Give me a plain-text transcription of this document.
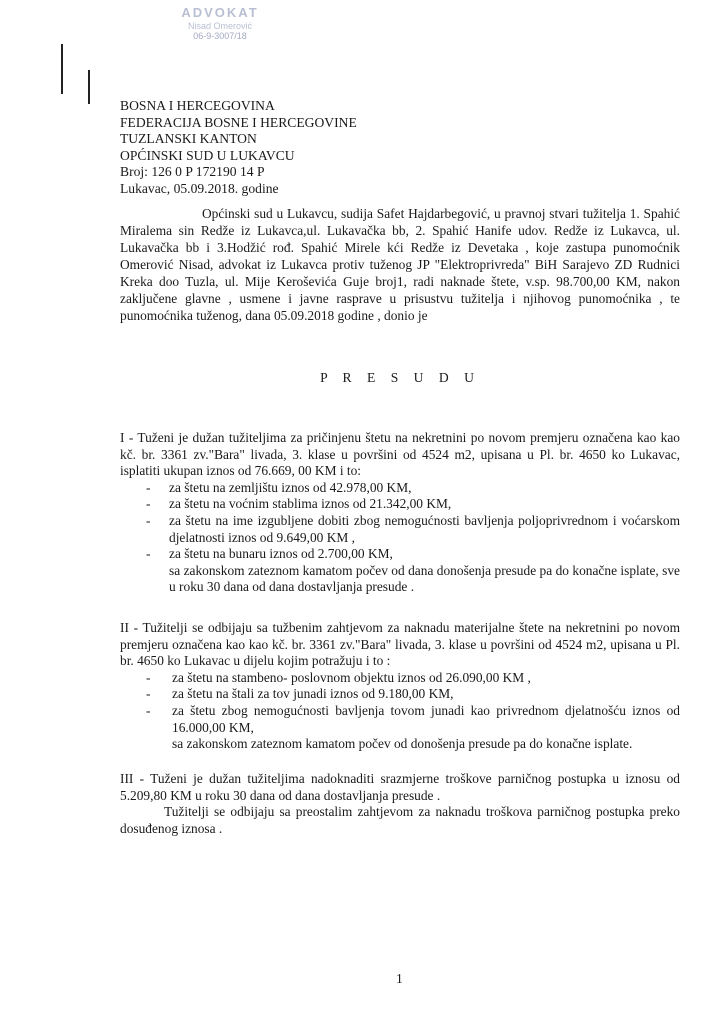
ADVOKAT
Nisad Omerović
06-9-3007/18
BOSNA I HERCEGOVINA
FEDERACIJA BOSNE I HERCEGOVINE
TUZLANSKI KANTON
OPĆINSKI SUD U LUKAVCU
Broj: 126 0 P 172190 14 P
Lukavac, 05.09.2018. godine
Općinski sud u Lukavcu, sudija Safet Hajdarbegović, u pravnoj stvari tužitelja 1. Spahić Miralema sin Redže iz Lukavca,ul. Lukavačka bb, 2. Spahić Hanife udov. Redže iz Lukavca, ul. Lukavačka bb i 3.Hodžić rođ. Spahić Mirele kći Redže iz Devetaka , koje zastupa punomoćnik Omerović Nisad, advokat iz Lukavca protiv tuženog JP "Elektroprivreda" BiH Sarajevo ZD Rudnici Kreka doo Tuzla, ul. Mije Keroševića Guje broj1, radi naknade štete, v.sp. 98.700,00 KM, nakon zaključene glavne , usmene i javne rasprave u prisustvu tužitelja i njihovog punomoćnika , te punomoćnika tuženog, dana 05.09.2018 godine , donio je
P R E S U D U
I - Tuženi je dužan tužiteljima za pričinjenu štetu na nekretnini po novom premjeru označena kao kao kč. br. 3361 zv."Bara" livada, 3. klase u površini od 4524 m2, upisana u Pl. br. 4650 ko Lukavac, isplatiti ukupan iznos od 76.669, 00 KM i to:
- za štetu na zemljištu iznos od 42.978,00 KM,
- za štetu na voćnim stablima iznos od 21.342,00 KM,
- za štetu na ime izgubljene dobiti zbog nemogućnosti bavljenja poljoprivrednom i voćarskom djelatnosti iznos od 9.649,00 KM ,
- za štetu na bunaru iznos od 2.700,00 KM,
sa zakonskom zateznom kamatom počev od dana donošenja presude pa do konačne isplate, sve u roku 30 dana od dana dostavljanja presude .
II - Tužitelji se odbijaju sa tužbenim zahtjevom za naknadu materijalne štete na nekretnini po novom premjeru označena kao kao kč. br. 3361 zv."Bara" livada, 3. klase u površini od 4524 m2, upisana u Pl. br. 4650 ko Lukavac u dijelu kojim potražuju i to :
- za štetu na stambeno- poslovnom objektu iznos od 26.090,00 KM ,
- za štetu na štali za tov junadi iznos od 9.180,00 KM,
- za štetu zbog nemogućnosti bavljenja tovom junadi kao privrednom djelatnošću iznos od 16.000,00 KM,
sa zakonskom zateznom kamatom počev od donošenja presude pa do konačne isplate.
III - Tuženi je dužan tužiteljima nadoknaditi srazmjerne troškove parničnog postupka u iznosu od 5.209,80 KM u roku 30 dana od dana dostavljanja presude .
Tužitelji se odbijaju sa preostalim zahtjevom za naknadu troškova parničnog postupka preko dosuđenog iznosa .
1
